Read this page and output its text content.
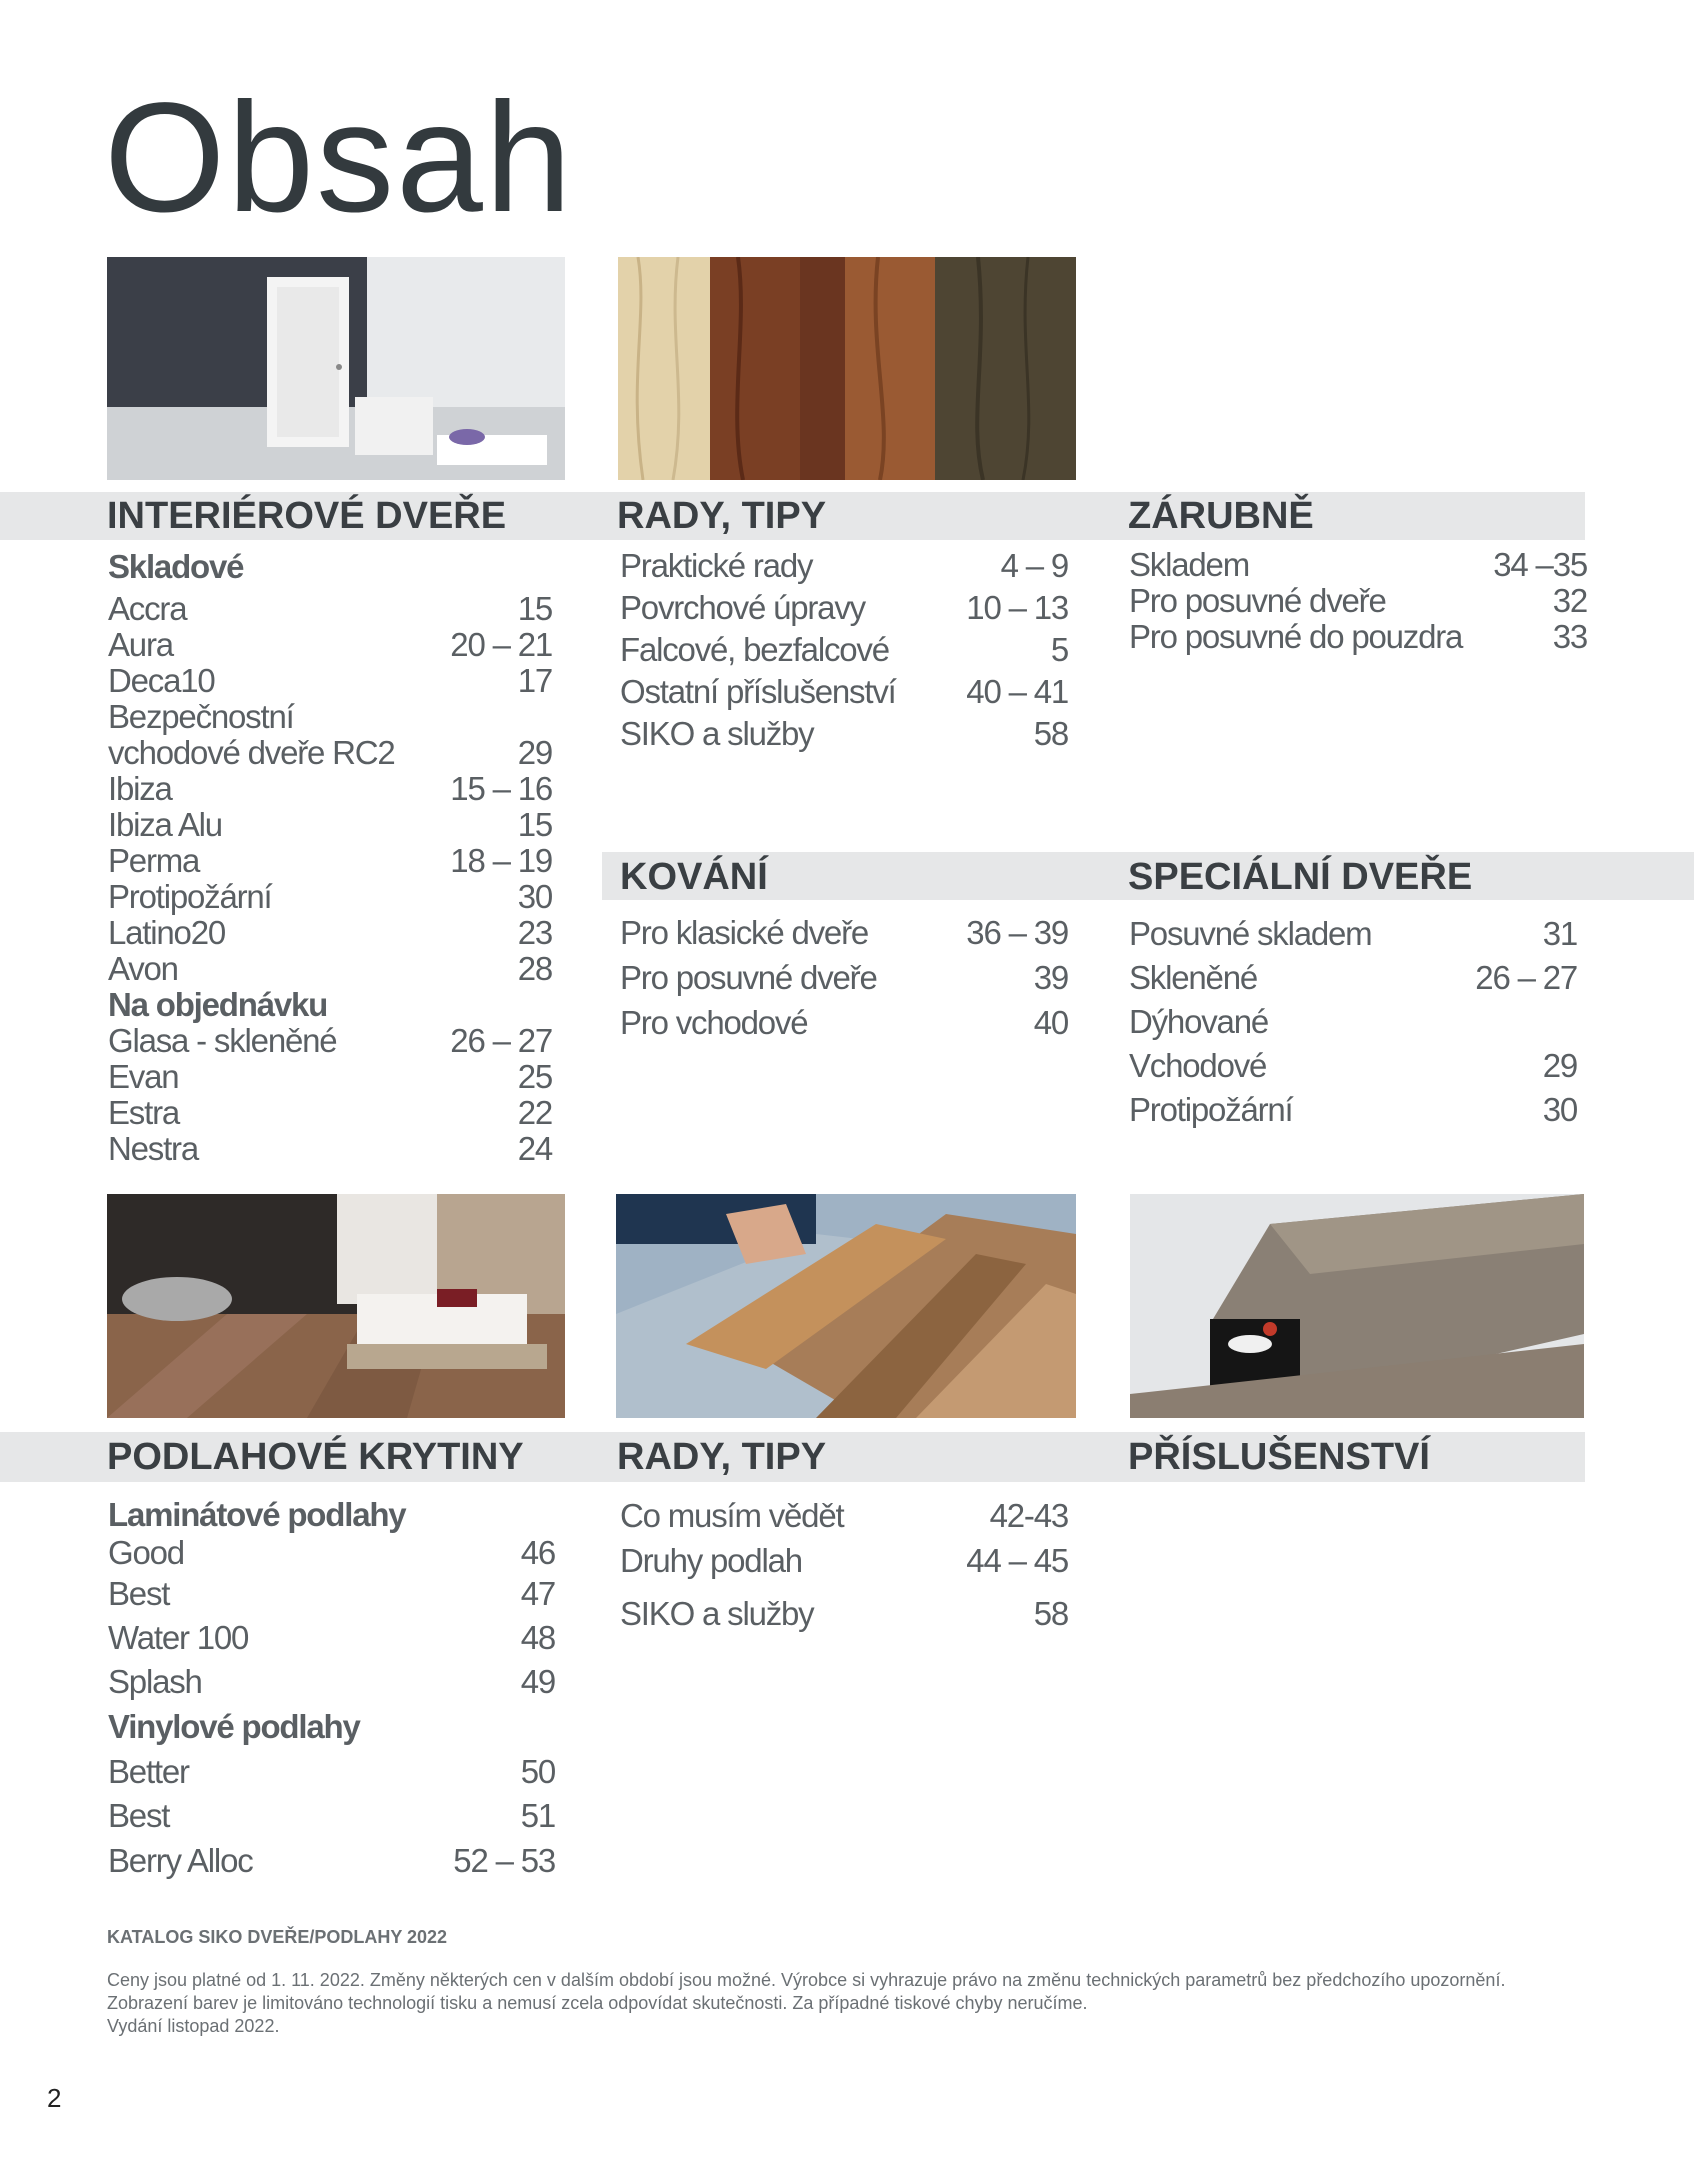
Obsah
INTERIÉROVÉ DVEŘE	RADY, TIPY	ZÁRUBNĚ
Skladové
Accra	15
Aura	20 – 21
Deca10	17
Bezpečnostní
vchodové dveře RC2	29
Ibiza	15 – 16
Ibiza Alu	15
Perma	18 – 19
Protipožární	30
Latino20	23
Avon	28
Na objednávku
Glasa - skleněné	26 – 27
Evan	25
Estra	22
Nestra	24
Praktické rady	4 – 9
Povrchové úpravy	10 – 13
Falcové, bezfalcové	5
Ostatní příslušenství 40 – 41
SIKO a služby	58
Skladem	34 –35
Pro posuvné dveře	32
Pro posuvné do pouzdra	33
KOVÁNÍ	SPECIÁLNÍ DVEŘE
Pro klasické dveře	36 – 39
Pro posuvné dveře	39
Pro vchodové	40
Posuvné skladem	31
Skleněné	26 – 27
Dýhované
Vchodové	29
Protipožární	30
PODLAHOVÉ KRYTINY RADY, TIPY	PŘÍSLUŠENSTVÍ
Laminátové podlahy
Good	46
Best	47
Water 100	48
Splash	49
Vinylové podlahy
Better	50
Best	51
Berry Alloc	52 – 53
Co musím vědět	42-43
Druhy podlah	44 – 45
SIKO a služby	58
KATALOG SIKO DVEŘE/PODLAHY 2022
Ceny jsou platné od 1. 11. 2022. Změny některých cen v dalším období jsou možné. Výrobce si vyhrazuje právo na změnu technických parametrů bez předchozího upozornění.
Zobrazení barev je limitováno technologií tisku a nemusí zcela odpovídat skutečnosti. Za případné tiskové chyby neručíme.
Vydání listopad 2022.
2
